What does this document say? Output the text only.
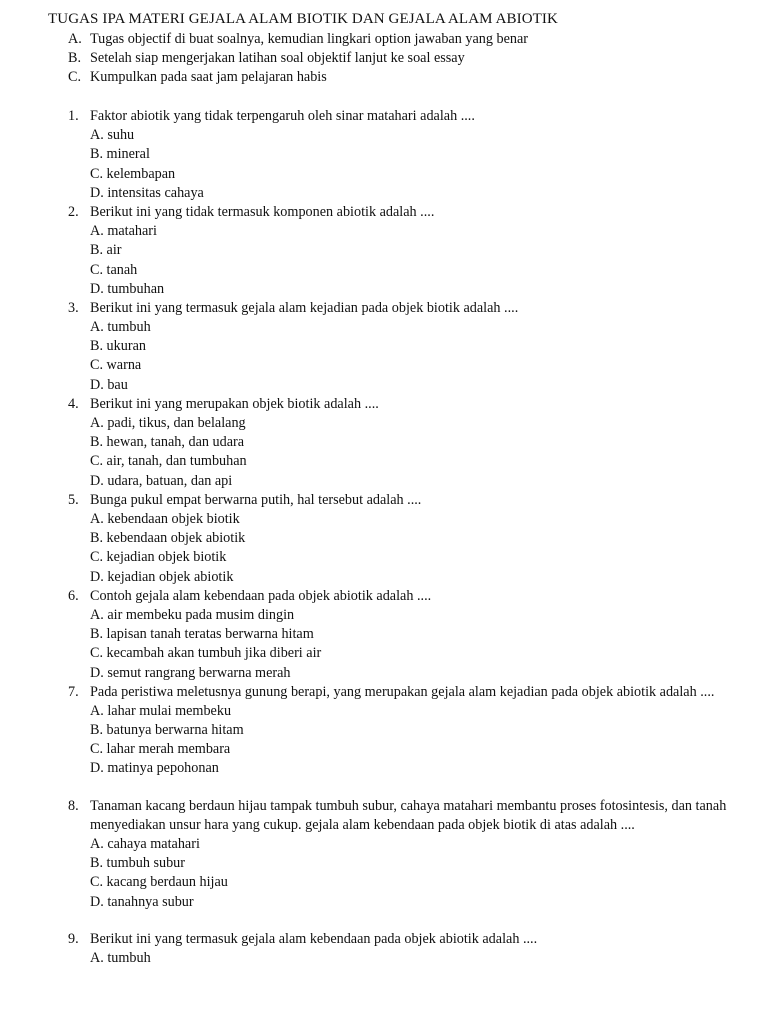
TUGAS IPA MATERI GEJALA ALAM BIOTIK DAN GEJALA ALAM ABIOTIK
A. Tugas objectif di buat soalnya, kemudian lingkari option jawaban yang benar
B. Setelah siap mengerjakan latihan soal objektif lanjut ke soal essay
C. Kumpulkan pada saat jam pelajaran habis
1. Faktor abiotik yang tidak terpengaruh oleh sinar matahari adalah ....
A. suhu
B. mineral
C. kelembapan
D. intensitas cahaya
2. Berikut ini yang tidak termasuk komponen abiotik adalah ....
A. matahari
B. air
C. tanah
D. tumbuhan
3. Berikut ini yang termasuk gejala alam kejadian pada objek biotik adalah ....
A. tumbuh
B. ukuran
C. warna
D. bau
4. Berikut ini yang merupakan objek biotik adalah ....
A. padi, tikus, dan belalang
B. hewan, tanah, dan udara
C. air, tanah, dan tumbuhan
D. udara, batuan, dan api
5. Bunga pukul empat berwarna putih, hal tersebut adalah ....
A. kebendaan objek biotik
B. kebendaan objek abiotik
C. kejadian objek biotik
D. kejadian objek abiotik
6. Contoh gejala alam kebendaan pada objek abiotik adalah ....
A. air membeku pada musim dingin
B. lapisan tanah teratas berwarna hitam
C. kecambah akan tumbuh jika diberi air
D. semut rangrang berwarna merah
7. Pada peristiwa meletusnya gunung berapi, yang merupakan gejala alam kejadian pada objek abiotik adalah ....
A. lahar mulai membeku
B. batunya berwarna hitam
C. lahar merah membara
D. matinya pepohonan
8. Tanaman kacang berdaun hijau tampak tumbuh subur, cahaya matahari membantu proses fotosintesis, dan tanah menyediakan unsur hara yang cukup. gejala alam kebendaan pada objek biotik di atas adalah ....
A. cahaya matahari
B. tumbuh subur
C. kacang berdaun hijau
D. tanahnya subur
9. Berikut ini yang termasuk gejala alam kebendaan pada objek abiotik adalah ....
A. tumbuh
